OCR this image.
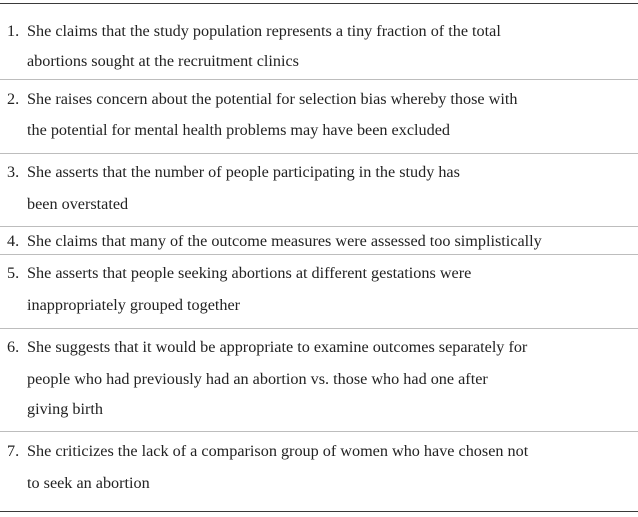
1. She claims that the study population represents a tiny fraction of the total
abortions sought at the recruitment clinics
2. She raises concern about the potential for selection bias whereby those with
the potential for mental health problems may have been excluded
3. She asserts that the number of people participating in the study has
been overstated
4. She claims that many of the outcome measures were assessed too simplistically
5. She asserts that people seeking abortions at different gestations were
inappropriately grouped together
6. She suggests that it would be appropriate to examine outcomes separately for
people who had previously had an abortion vs. those who had one after
giving birth
7. She criticizes the lack of a comparison group of women who have chosen not
to seek an abortion
